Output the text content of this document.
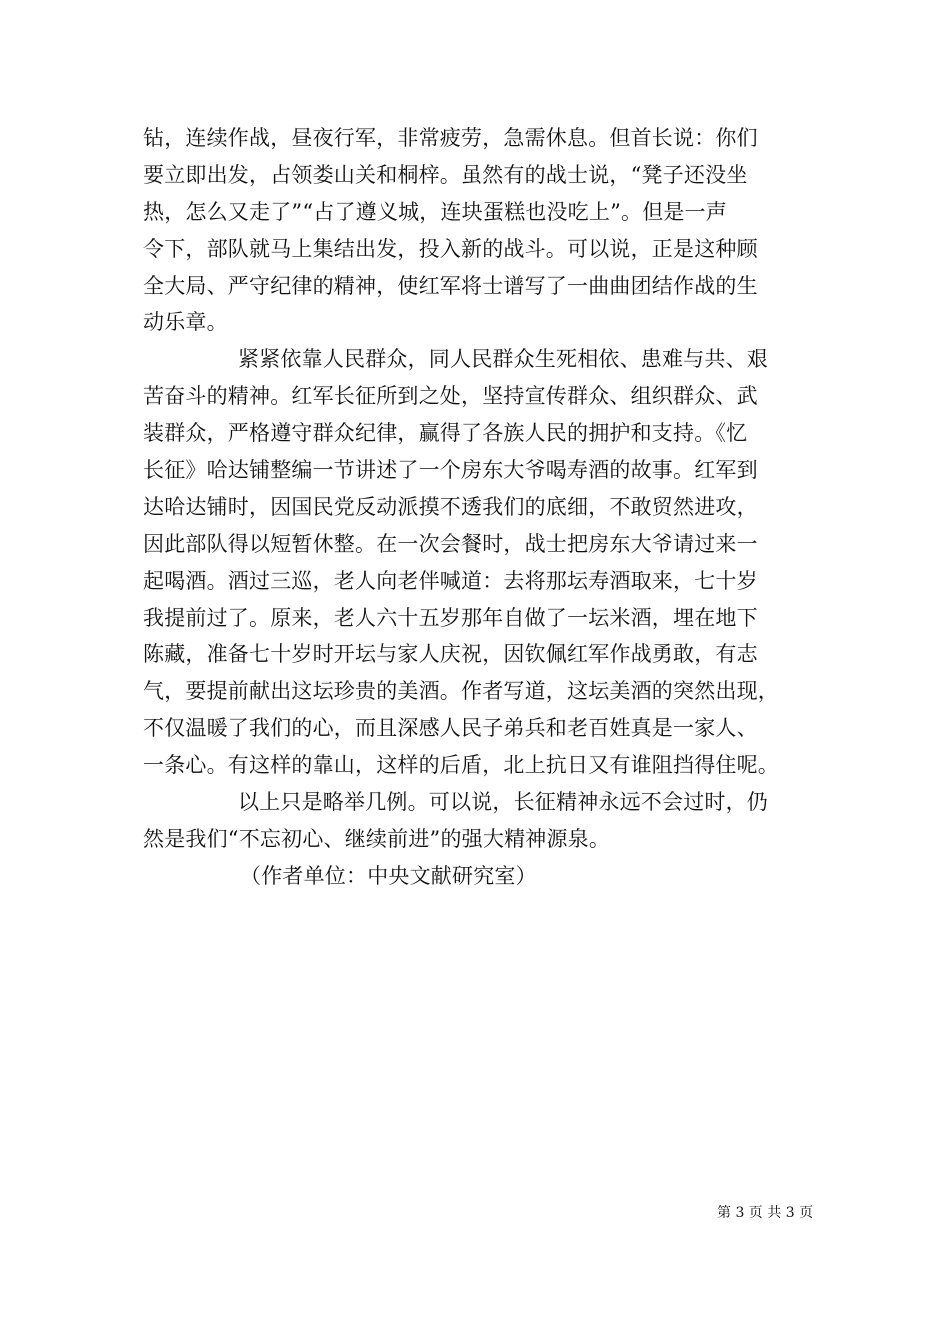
钻，连续作战，昼夜行军，非常疲劳，急需休息。但首长说：你们
要立即出发，占领娄山关和桐梓。虽然有的战士说，“凳子还没坐
热，怎么又走了”“占了遵义城，连块蛋糕也没吃上”。但是一声
令下，部队就马上集结出发，投入新的战斗。可以说，正是这种顾
全大局、严守纪律的精神，使红军将士谱写了一曲曲团结作战的生
动乐章。
紧紧依靠人民群众，同人民群众生死相依、患难与共、艰
苦奋斗的精神。红军长征所到之处，坚持宣传群众、组织群众、武
装群众，严格遵守群众纪律，赢得了各族人民的拥护和支持。《忆
长征》哈达铺整编一节讲述了一个房东大爷喝寿酒的故事。红军到
达哈达铺时，因国民党反动派摸不透我们的底细，不敢贸然进攻，
因此部队得以短暂休整。在一次会餐时，战士把房东大爷请过来一
起喝酒。酒过三巡，老人向老伴喊道：去将那坛寿酒取来，七十岁
我提前过了。原来，老人六十五岁那年自做了一坛米酒，埋在地下
陈藏，准备七十岁时开坛与家人庆祝，因钦佩红军作战勇敢，有志
气，要提前献出这坛珍贵的美酒。作者写道，这坛美酒的突然出现，
不仅温暖了我们的心，而且深感人民子弟兵和老百姓真是一家人、
一条心。有这样的靠山，这样的后盾，北上抗日又有谁阻挡得住呢。
以上只是略举几例。可以说，长征精神永远不会过时，仍
然是我们“不忘初心、继续前进”的强大精神源泉。
（作者单位：中央文献研究室）
第 3 页 共 3 页
